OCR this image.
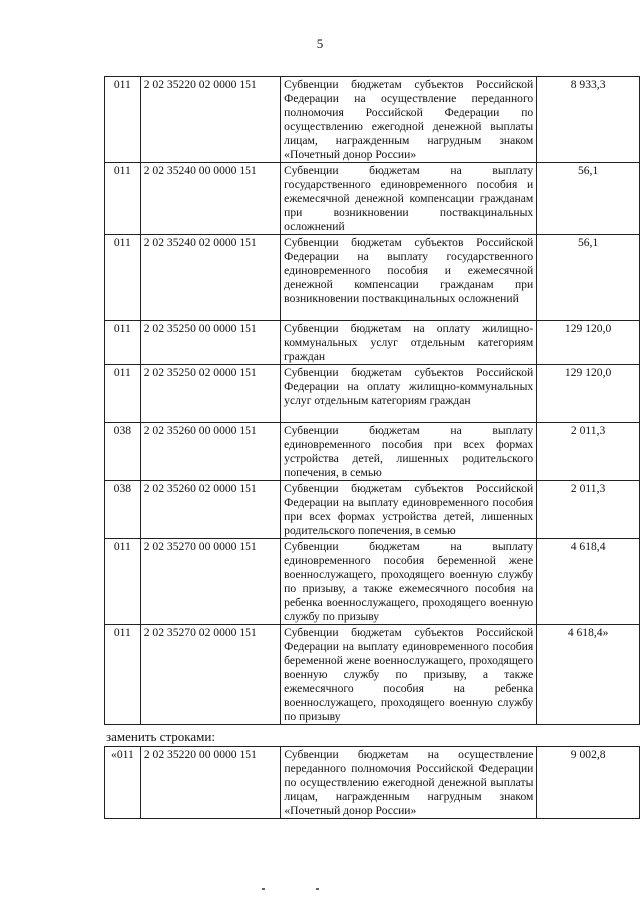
5
011	2 02 35220 02 0000 151	Субвенции бюджетам субъектов Российской Федерации на осуществление переданного полномочия Российской Федерации по осуществлению ежегодной денежной выплаты лицам, награжденным нагрудным знаком «Почетный донор России»	8 933,3
011	2 02 35240 00 0000 151	Субвенции бюджетам на выплату государственного единовременного пособия и ежемесячной денежной компенсации гражданам при возникновении поствакцинальных осложнений	56,1
011	2 02 35240 02 0000 151	Субвенции бюджетам субъектов Российской Федерации на выплату государственного единовременного пособия и ежемесячной денежной компенсации гражданам при возникновении поствакцинальных осложнений	56,1
011	2 02 35250 00 0000 151	Субвенции бюджетам на оплату жилищно-коммунальных услуг отдельным категориям граждан	129 120,0
011	2 02 35250 02 0000 151	Субвенции бюджетам субъектов Российской Федерации на оплату жилищно-коммунальных услуг отдельным категориям граждан	129 120,0
038	2 02 35260 00 0000 151	Субвенции бюджетам на выплату единовременного пособия при всех формах устройства детей, лишенных родительского попечения, в семью	2 011,3
038	2 02 35260 02 0000 151	Субвенции бюджетам субъектов Российской Федерации на выплату единовременного пособия при всех формах устройства детей, лишенных родительского попечения, в семью	2 011,3
011	2 02 35270 00 0000 151	Субвенции бюджетам на выплату единовременного пособия беременной жене военнослужащего, проходящего военную службу по призыву, а также ежемесячного пособия на ребенка военнослужащего, проходящего военную службу по призыву	4 618,4
011	2 02 35270 02 0000 151	Субвенции бюджетам субъектов Российской Федерации на выплату единовременного пособия беременной жене военнослужащего, проходящего военную службу по призыву, а также ежемесячного пособия на ребенка военнослужащего, проходящего военную службу по призыву	4 618,4»
заменить строками:
«011	2 02 35220 00 0000 151	Субвенции бюджетам на осуществление переданного полномочия Российской Федерации по осуществлению ежегодной денежной выплаты лицам, награжденным нагрудным знаком «Почетный донор России»	9 002,8
